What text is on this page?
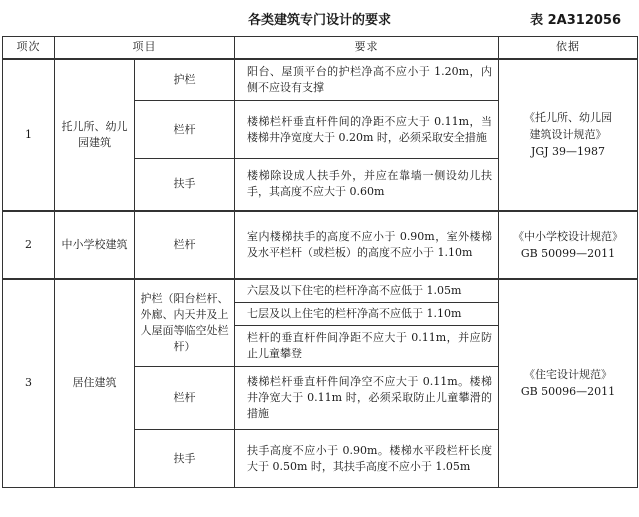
各类建筑专门设计的要求	表 2A312056
项次	项目		要求	依据
1	托儿所、幼儿园建筑	护栏	阳台、屋顶平台的护栏净高不应小于 1.20m，内侧不应设有支撑	《托儿所、幼儿园
建筑设计规范》
JGJ 39—1987

		栏杆	楼梯栏杆垂直杆件间的净距不应大于 0.11m，当楼梯井净宽度大于 0.20m 时，必须采取安全措施	
		扶手	楼梯除设成人扶手外，并应在靠墙一侧设幼儿扶手，其高度不应大于 0.60m	
2	中小学校建筑	栏杆	室内楼梯扶手的高度不应小于 0.90m，室外楼梯及水平栏杆（或栏板）的高度不应小于 1.10m	《中小学校设计规范》
GB 50099—2011

3	居住建筑	护栏（阳台栏杆、外廊、内天井及上人屋面等临空处栏杆）	六层及以下住宅的栏杆净高不应低于 1.05m	《住宅设计规范》
GB 50096—2011

			七层及以上住宅的栏杆净高不应低于 1.10m	
			栏杆的垂直杆件间净距不应大于 0.11m，并应防止儿童攀登	
		栏杆	楼梯栏杆垂直杆件间净空不应大于 0.11m。楼梯井净宽大于 0.11m 时，必须采取防止儿童攀滑的措施	
		扶手	扶手高度不应小于 0.90m。楼梯水平段栏杆长度大于 0.50m 时，其扶手高度不应小于 1.05m	
